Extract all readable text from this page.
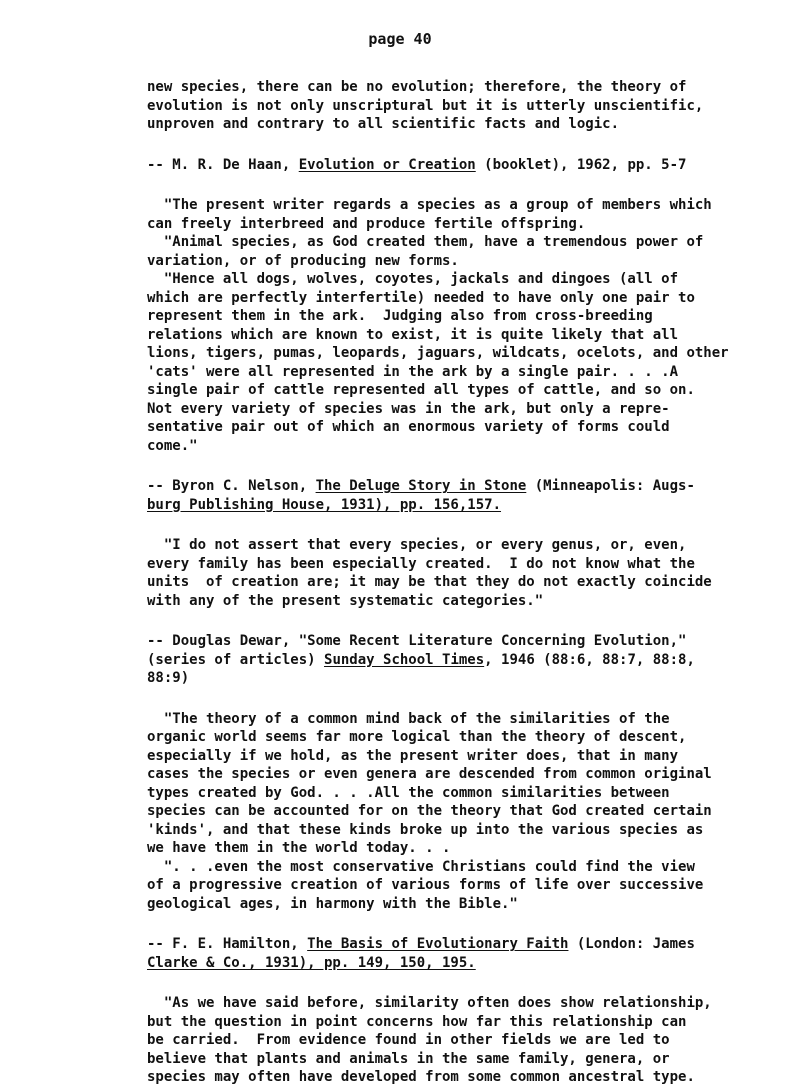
page 40
new species, there can be no evolution; therefore, the theory of
evolution is not only unscriptural but it is utterly unscientific,
unproven and contrary to all scientific facts and logic.
-- M. R. De Haan, Evolution or Creation (booklet), 1962, pp. 5-7
"The present writer regards a species as a group of members which
can freely interbreed and produce fertile offspring.
"Animal species, as God created them, have a tremendous power of
variation, or of producing new forms.
"Hence all dogs, wolves, coyotes, jackals and dingoes (all of
which are perfectly interfertile) needed to have only one pair to
represent them in the ark.  Judging also from cross-breeding
relations which are known to exist, it is quite likely that all
lions, tigers, pumas, leopards, jaguars, wildcats, ocelots, and other
'cats' were all represented in the ark by a single pair. . . .A
single pair of cattle represented all types of cattle, and so on.
Not every variety of species was in the ark, but only a repre-
sentative pair out of which an enormous variety of forms could
come."
-- Byron C. Nelson, The Deluge Story in Stone (Minneapolis: Augs-
burg Publishing House, 1931), pp. 156,157.
"I do not assert that every species, or every genus, or, even,
every family has been especially created.  I do not know what the
units  of creation are; it may be that they do not exactly coincide
with any of the present systematic categories."
-- Douglas Dewar, "Some Recent Literature Concerning Evolution,"
(series of articles) Sunday School Times, 1946 (88:6, 88:7, 88:8,
88:9)
"The theory of a common mind back of the similarities of the
organic world seems far more logical than the theory of descent,
especially if we hold, as the present writer does, that in many
cases the species or even genera are descended from common original
types created by God. . . .All the common similarities between
species can be accounted for on the theory that God created certain
'kinds', and that these kinds broke up into the various species as
we have them in the world today. . .
". . .even the most conservative Christians could find the view
of a progressive creation of various forms of life over successive
geological ages, in harmony with the Bible."
-- F. E. Hamilton, The Basis of Evolutionary Faith (London: James
Clarke & Co., 1931), pp. 149, 150, 195.
"As we have said before, similarity often does show relationship,
but the question in point concerns how far this relationship can
be carried.  From evidence found in other fields we are led to
believe that plants and animals in the same family, genera, or
species may often have developed from some common ancestral type.
